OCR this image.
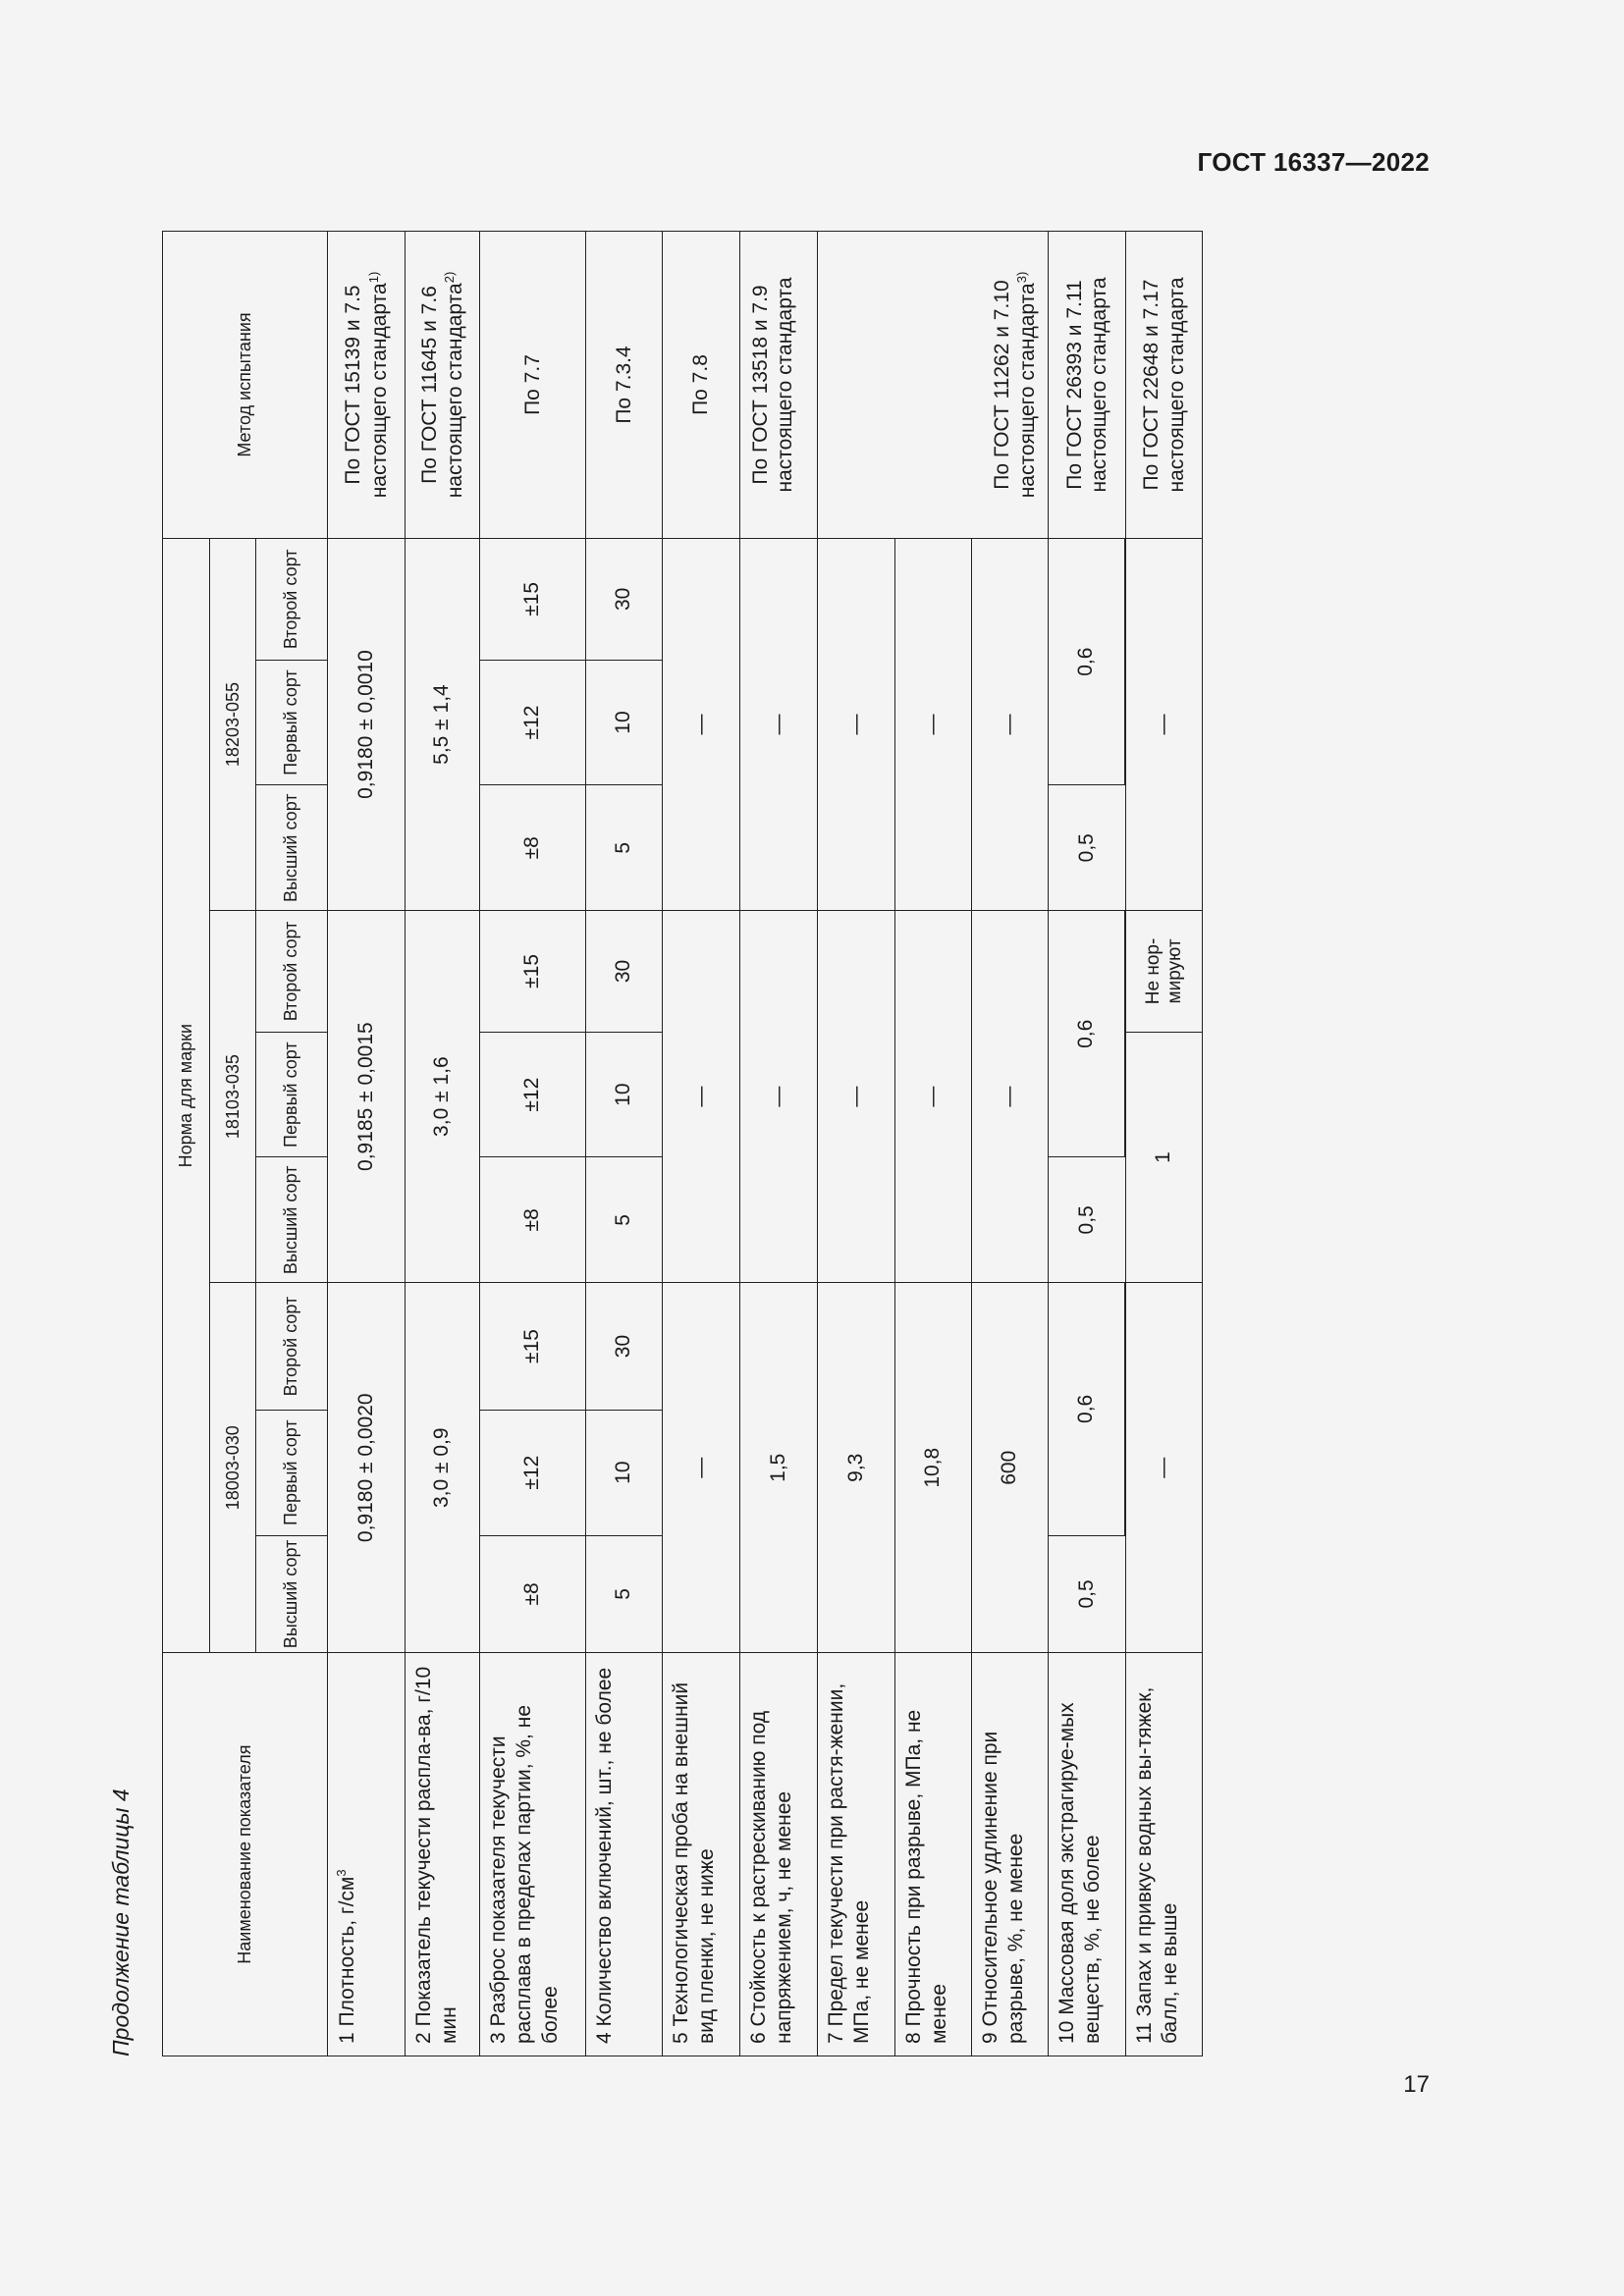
ГОСТ 16337—2022
17
Продолжение таблицы 4	Наименование показателя	Норма для марки									Метод испытания
	18003-030			18103-035			18203-055			
	Высший сорт	Первый сорт	Второй сорт	Высший сорт	Первый сорт	Второй сорт	Высший сорт	Первый сорт	Второй сорт	
1 Плотность, $г/см^3$	0,9180 ± 0,0020			0,9185 ± 0,0015			0,9180 ± 0,0010			По ГОСТ 15139 и 7.5 настоящего стандарта$^{1)}$
2 Показатель текучести распла-ва, г/10 мин	3,0 ± 0,9			3,0 ± 1,6			5,5 ± 1,4			По ГОСТ 11645 и 7.6 настоящего стандарта$^{2)}$
3 Разброс показателя текучести расплава в пределах партии, %, не более	±8	±12	±15	±8	±12	±15	±8	±12	±15	По 7.7
4 Количество включений, шт., не более	5	10	30	5	10	30	5	10	30	По 7.3.4
5 Технологическая проба на внешний вид пленки, не ниже	—			—			—			По 7.8
6 Стойкость к растрескиванию под напряжением, ч, не менее	1,5			—			—			По ГОСТ 13518 и 7.9 настоящего стандарта
7 Предел текучести при растя-жении, МПа, не менее	9,3			—			—			По ГОСТ 11262 и 7.10 настоящего стандарта$^{3)}$
8 Прочность при разрыве, МПа, не менее	10,8			—			—			
9 Относительное удлинение при разрыве, %, не менее	600			—			—			
10 Массовая доля экстрагируе-мых веществ, %, не более	0,5	0,6		0,5	0,6		0,5	0,6		По ГОСТ 26393 и 7.11 настоящего стандарта

11 Запах и привкус водных вы-тяжек, балл, не выше	—			1		Не нор-мируют	—			По ГОСТ 22648 и 7.17 настоящего стандарта
